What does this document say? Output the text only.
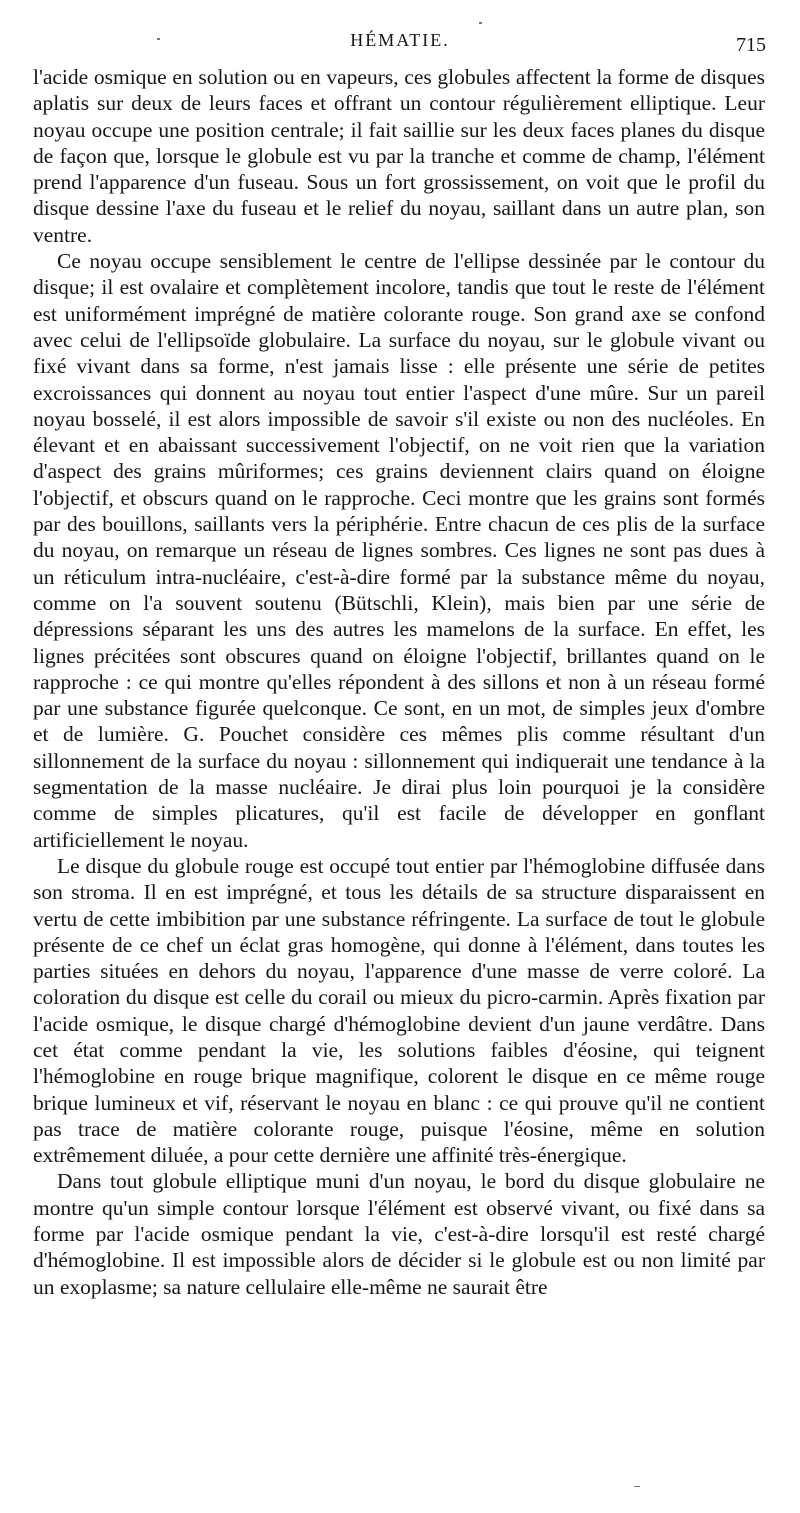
HÉMATIE.	715

l'acide osmique en solution ou en vapeurs, ces globules affectent la forme de disques aplatis sur deux de leurs faces et offrant un contour régulièrement elliptique. Leur noyau occupe une position centrale; il fait saillie sur les deux faces planes du disque de façon que, lorsque le globule est vu par la tranche et comme de champ, l'élément prend l'apparence d'un fuseau. Sous un fort grossissement, on voit que le profil du disque dessine l'axe du fuseau et le relief du noyau, saillant dans un autre plan, son ventre.

Ce noyau occupe sensiblement le centre de l'ellipse dessinée par le contour du disque; il est ovalaire et complètement incolore, tandis que tout le reste de l'élément est uniformément imprégné de matière colorante rouge. Son grand axe se confond avec celui de l'ellipsoïde globulaire. La surface du noyau, sur le globule vivant ou fixé vivant dans sa forme, n'est jamais lisse : elle présente une série de petites excroissances qui donnent au noyau tout entier l'aspect d'une mûre. Sur un pareil noyau bosselé, il est alors impossible de savoir s'il existe ou non des nucléoles. En élevant et en abaissant successivement l'objectif, on ne voit rien que la variation d'aspect des grains mûriformes; ces grains deviennent clairs quand on éloigne l'objectif, et obscurs quand on le rapproche. Ceci montre que les grains sont formés par des bouillons, saillants vers la périphérie. Entre chacun de ces plis de la surface du noyau, on remarque un réseau de lignes sombres. Ces lignes ne sont pas dues à un réticulum intra-nucléaire, c'est-à-dire formé par la substance même du noyau, comme on l'a souvent soutenu (Bütschli, Klein), mais bien par une série de dépressions séparant les uns des autres les mamelons de la surface. En effet, les lignes précitées sont obscures quand on éloigne l'objectif, brillantes quand on le rapproche : ce qui montre qu'elles répondent à des sillons et non à un réseau formé par une substance figurée quelconque. Ce sont, en un mot, de simples jeux d'ombre et de lumière. G. Pouchet considère ces mêmes plis comme résultant d'un sillonnement de la surface du noyau : sillonnement qui indiquerait une tendance à la segmentation de la masse nucléaire. Je dirai plus loin pourquoi je la considère comme de simples plicatures, qu'il est facile de développer en gonflant artificiellement le noyau.

Le disque du globule rouge est occupé tout entier par l'hémoglobine diffusée dans son stroma. Il en est imprégné, et tous les détails de sa structure disparaissent en vertu de cette imbibition par une substance réfringente. La surface de tout le globule présente de ce chef un éclat gras homogène, qui donne à l'élément, dans toutes les parties situées en dehors du noyau, l'apparence d'une masse de verre coloré. La coloration du disque est celle du corail ou mieux du picro-carmin. Après fixation par l'acide osmique, le disque chargé d'hémoglobine devient d'un jaune verdâtre. Dans cet état comme pendant la vie, les solutions faibles d'éosine, qui teignent l'hémoglobine en rouge brique magnifique, colorent le disque en ce même rouge brique lumineux et vif, réservant le noyau en blanc : ce qui prouve qu'il ne contient pas trace de matière colorante rouge, puisque l'éosine, même en solution extrêmement diluée, a pour cette dernière une affinité très-énergique.

Dans tout globule elliptique muni d'un noyau, le bord du disque globulaire ne montre qu'un simple contour lorsque l'élément est observé vivant, ou fixé dans sa forme par l'acide osmique pendant la vie, c'est-à-dire lorsqu'il est resté chargé d'hémoglobine. Il est impossible alors de décider si le globule est ou non limité par un exoplasme; sa nature cellulaire elle-même ne saurait être
